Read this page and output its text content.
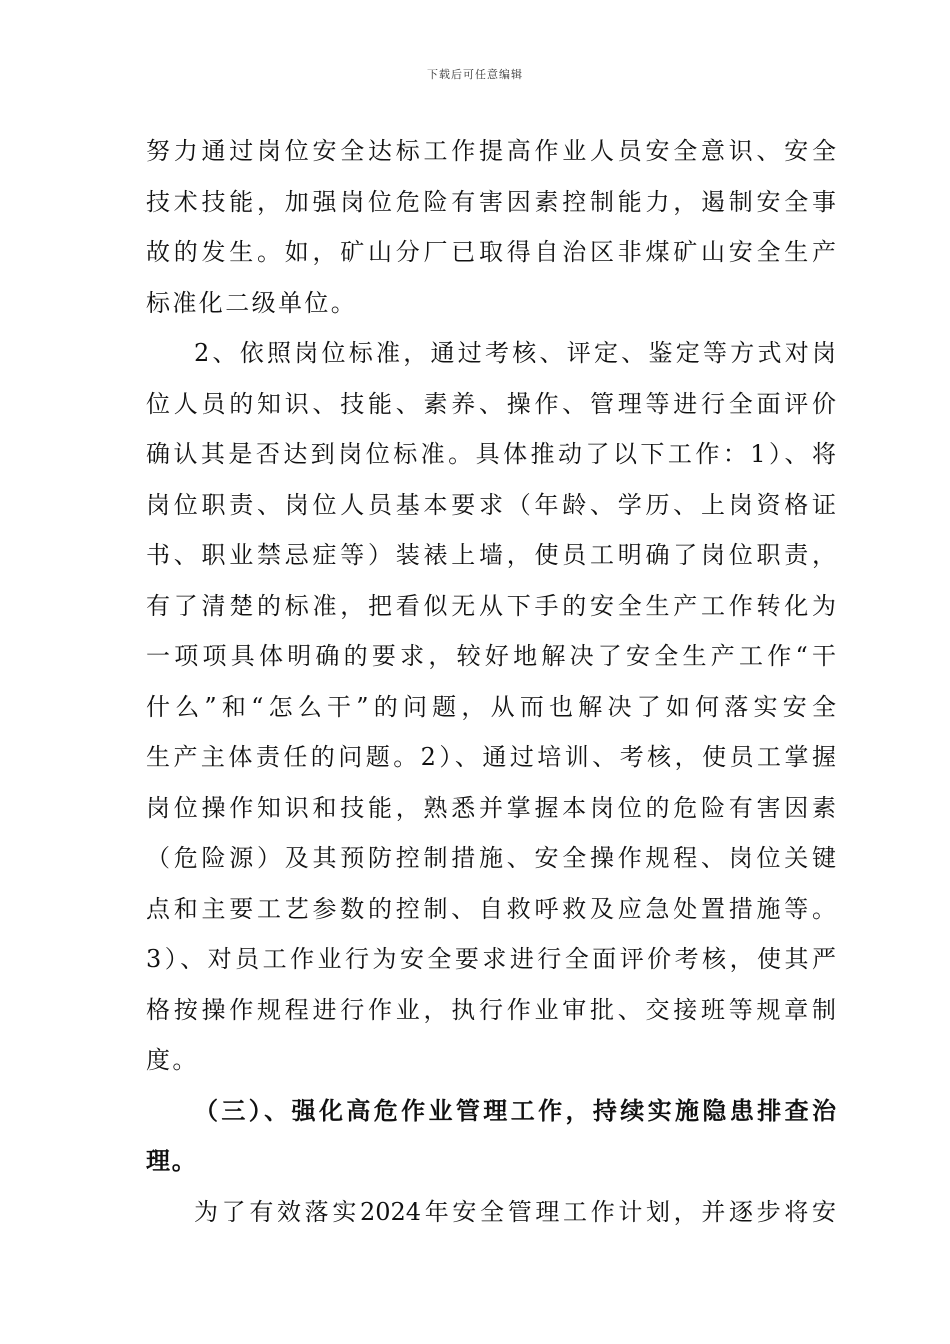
下载后可任意编辑
努力通过岗位安全达标工作提高作业人员安全意识、安全
技术技能，加强岗位危险有害因素控制能力，遏制安全事
故的发生。如，矿山分厂已取得自治区非煤矿山安全生产
标准化二级单位。
2、依照岗位标准，通过考核、评定、鉴定等方式对岗
位人员的知识、技能、素养、操作、管理等进行全面评价
确认其是否达到岗位标准。具体推动了以下工作：1）、将
岗位职责、岗位人员基本要求（年龄、学历、上岗资格证
书、职业禁忌症等）装裱上墙，使员工明确了岗位职责，
有了清楚的标准，把看似无从下手的安全生产工作转化为
一项项具体明确的要求，较好地解决了安全生产工作“干
什么”和“怎么干”的问题，从而也解决了如何落实安全
生产主体责任的问题。2）、通过培训、考核，使员工掌握
岗位操作知识和技能，熟悉并掌握本岗位的危险有害因素
（危险源）及其预防控制措施、安全操作规程、岗位关键
点和主要工艺参数的控制、自救呼救及应急处置措施等。
3）、对员工作业行为安全要求进行全面评价考核，使其严
格按操作规程进行作业，执行作业审批、交接班等规章制
度。
（三）、强化高危作业管理工作，持续实施隐患排查治
理。
为了有效落实2024年安全管理工作计划，并逐步将安
